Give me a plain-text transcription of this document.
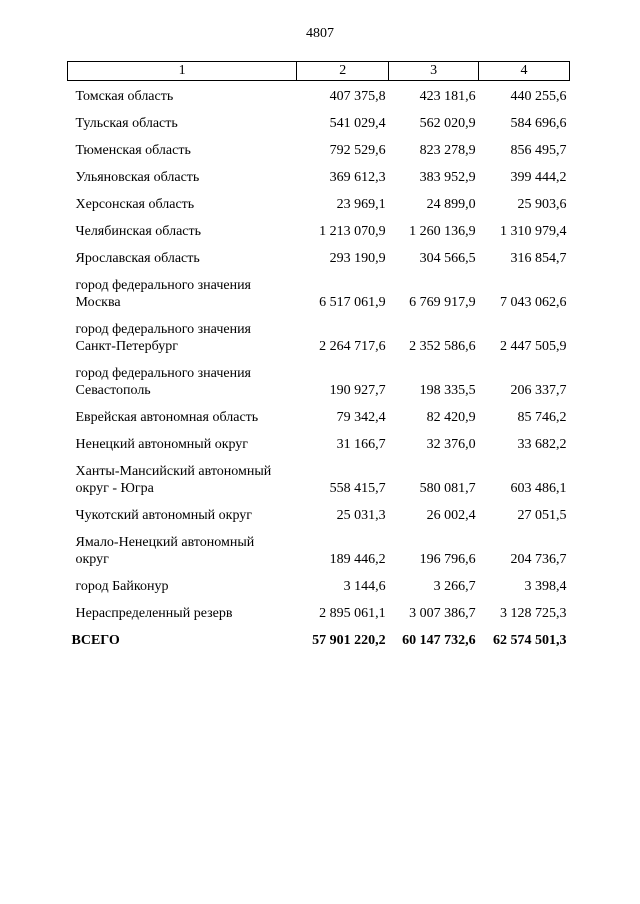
4807
1	2	3	4
Томская область	407 375,8	423 181,6	440 255,6
Тульская область	541 029,4	562 020,9	584 696,6
Тюменская область	792 529,6	823 278,9	856 495,7
Ульяновская область	369 612,3	383 952,9	399 444,2
Херсонская область	23 969,1	24 899,0	25 903,6
Челябинская область	1 213 070,9	1 260 136,9	1 310 979,4
Ярославская область	293 190,9	304 566,5	316 854,7
город федерального значения
Москва	6 517 061,9	6 769 917,9	7 043 062,6
город федерального значения
Санкт-Петербург	2 264 717,6	2 352 586,6	2 447 505,9
город федерального значения
Севастополь	190 927,7	198 335,5	206 337,7
Еврейская автономная область	79 342,4	82 420,9	85 746,2
Ненецкий автономный округ	31 166,7	32 376,0	33 682,2
Ханты-Мансийский автономный
округ - Югра	558 415,7	580 081,7	603 486,1
Чукотский автономный округ	25 031,3	26 002,4	27 051,5
Ямало-Ненецкий автономный
округ	189 446,2	196 796,6	204 736,7
город Байконур	3 144,6	3 266,7	3 398,4
Нераспределенный резерв	2 895 061,1	3 007 386,7	3 128 725,3
ВСЕГО	57 901 220,2	60 147 732,6	62 574 501,3
